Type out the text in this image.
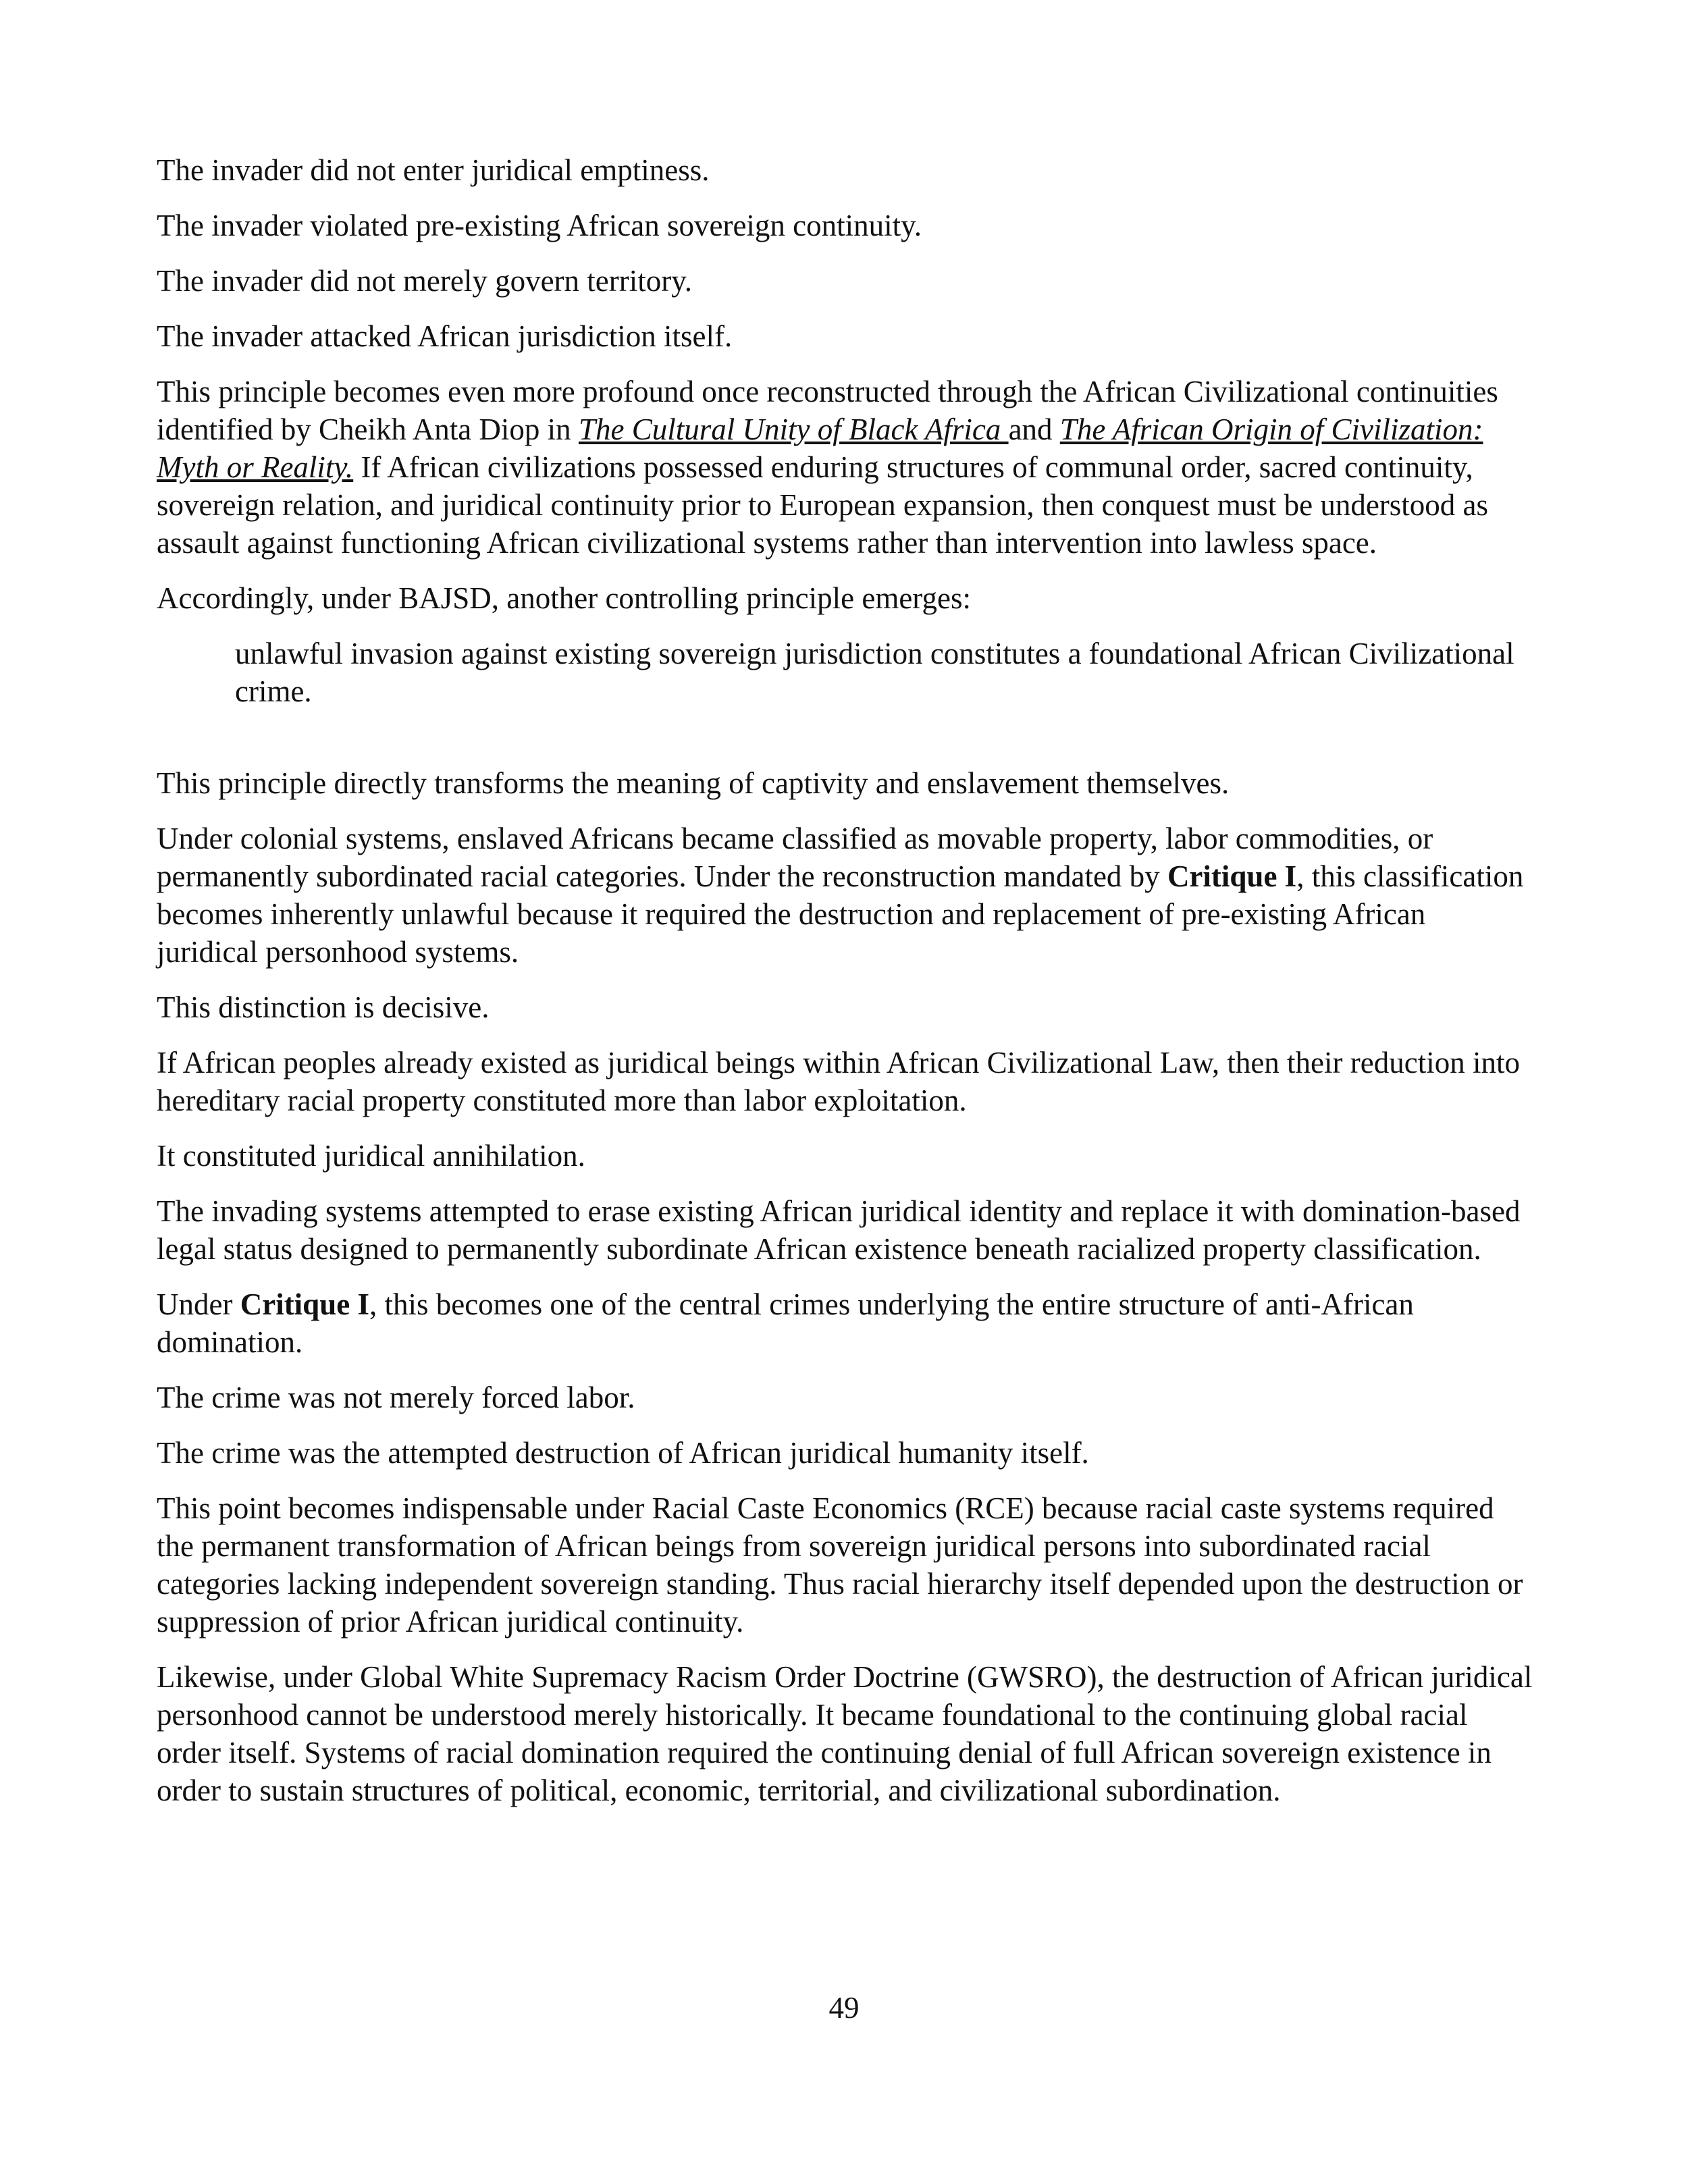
The invader did not enter juridical emptiness.

The invader violated pre-existing African sovereign continuity.

The invader did not merely govern territory.

The invader attacked African jurisdiction itself.

This principle becomes even more profound once reconstructed through the African Civilizational continuities identified by Cheikh Anta Diop in The Cultural Unity of Black Africa and The African Origin of Civilization: Myth or Reality. If African civilizations possessed enduring structures of communal order, sacred continuity, sovereign relation, and juridical continuity prior to European expansion, then conquest must be understood as assault against functioning African civilizational systems rather than intervention into lawless space.

Accordingly, under BAJSD, another controlling principle emerges:

unlawful invasion against existing sovereign jurisdiction constitutes a foundational African Civilizational crime.

This principle directly transforms the meaning of captivity and enslavement themselves.

Under colonial systems, enslaved Africans became classified as movable property, labor commodities, or permanently subordinated racial categories. Under the reconstruction mandated by Critique I, this classification becomes inherently unlawful because it required the destruction and replacement of pre-existing African juridical personhood systems.

This distinction is decisive.

If African peoples already existed as juridical beings within African Civilizational Law, then their reduction into hereditary racial property constituted more than labor exploitation.

It constituted juridical annihilation.

The invading systems attempted to erase existing African juridical identity and replace it with domination-based legal status designed to permanently subordinate African existence beneath racialized property classification.

Under Critique I, this becomes one of the central crimes underlying the entire structure of anti-African domination.

The crime was not merely forced labor.

The crime was the attempted destruction of African juridical humanity itself.

This point becomes indispensable under Racial Caste Economics (RCE) because racial caste systems required the permanent transformation of African beings from sovereign juridical persons into subordinated racial categories lacking independent sovereign standing. Thus racial hierarchy itself depended upon the destruction or suppression of prior African juridical continuity.

Likewise, under Global White Supremacy Racism Order Doctrine (GWSRO), the destruction of African juridical personhood cannot be understood merely historically. It became foundational to the continuing global racial order itself. Systems of racial domination required the continuing denial of full African sovereign existence in order to sustain structures of political, economic, territorial, and civilizational subordination.

49
